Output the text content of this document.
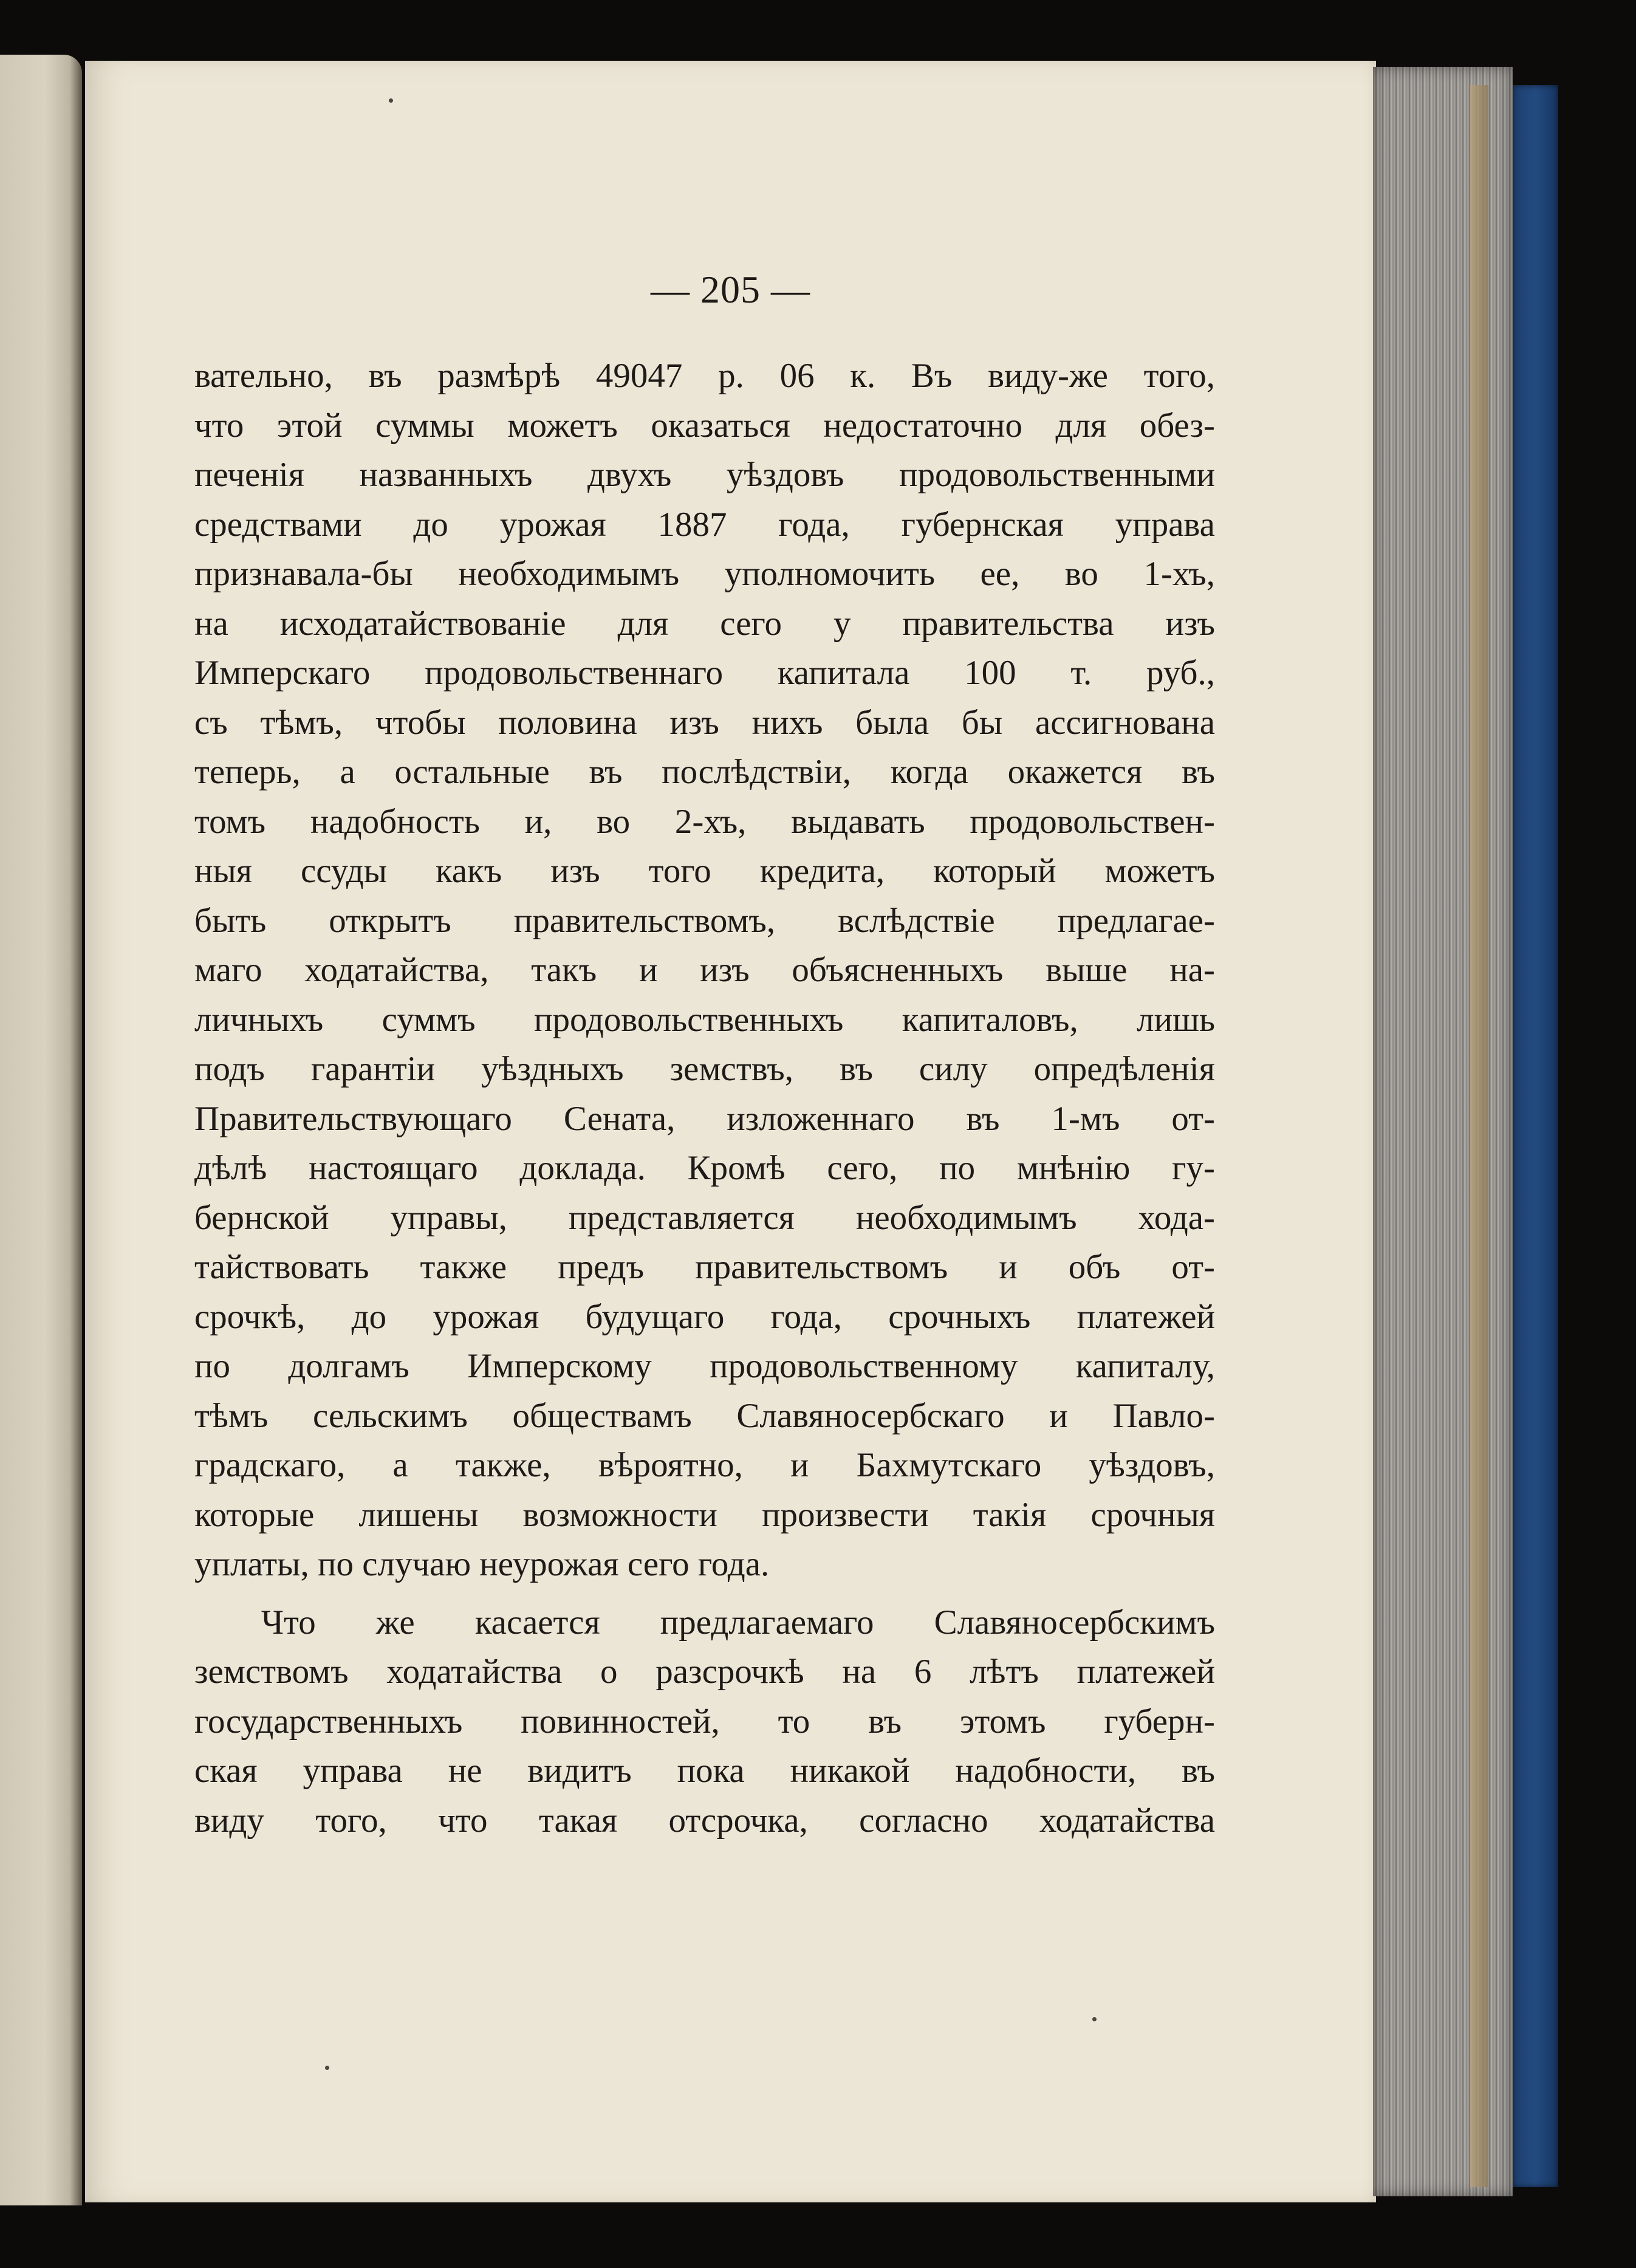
— 205 —
вательно, въ размѣрѣ 49047 р. 06 к. Въ виду-же того,
что этой суммы можетъ оказаться недостаточно для обез-
печенія названныхъ двухъ уѣздовъ продовольственными
средствами до урожая 1887 года, губернская управа
признавала-бы необходимымъ уполномочить ее, во 1-хъ,
на исходатайствованіе для сего у правительства изъ
Имперскаго продовольственнаго капитала 100 т. руб.,
съ тѣмъ, чтобы половина изъ нихъ была бы ассигнована
теперь, а остальные въ послѣдствіи, когда окажется въ
томъ надобность и, во 2-хъ, выдавать продовольствен-
ныя ссуды какъ изъ того кредита, который можетъ
быть открытъ правительствомъ, вслѣдствіе предлагае-
маго ходатайства, такъ и изъ объясненныхъ выше на-
личныхъ суммъ продовольственныхъ капиталовъ, лишь
подъ гарантіи уѣздныхъ земствъ, въ силу опредѣленія
Правительствующаго Сената, изложеннаго въ 1-мъ от-
дѣлѣ настоящаго доклада. Кромѣ сего, по мнѣнію гу-
бернской управы, представляется необходимымъ хода-
тайствовать также предъ правительствомъ и объ от-
срочкѣ, до урожая будущаго года, срочныхъ платежей
по долгамъ Имперскому продовольственному капиталу,
тѣмъ сельскимъ обществамъ Славяносербскаго и Павло-
градскаго, а также, вѣроятно, и Бахмутскаго уѣздовъ,
которые лишены возможности произвести такія срочныя
уплаты, по случаю неурожая сего года.
Что же касается предлагаемаго Славяносербскимъ
земствомъ ходатайства о разсрочкѣ на 6 лѣтъ платежей
государственныхъ повинностей, то въ этомъ губерн-
ская управа не видитъ пока никакой надобности, въ
виду того, что такая отсрочка, согласно ходатайства
